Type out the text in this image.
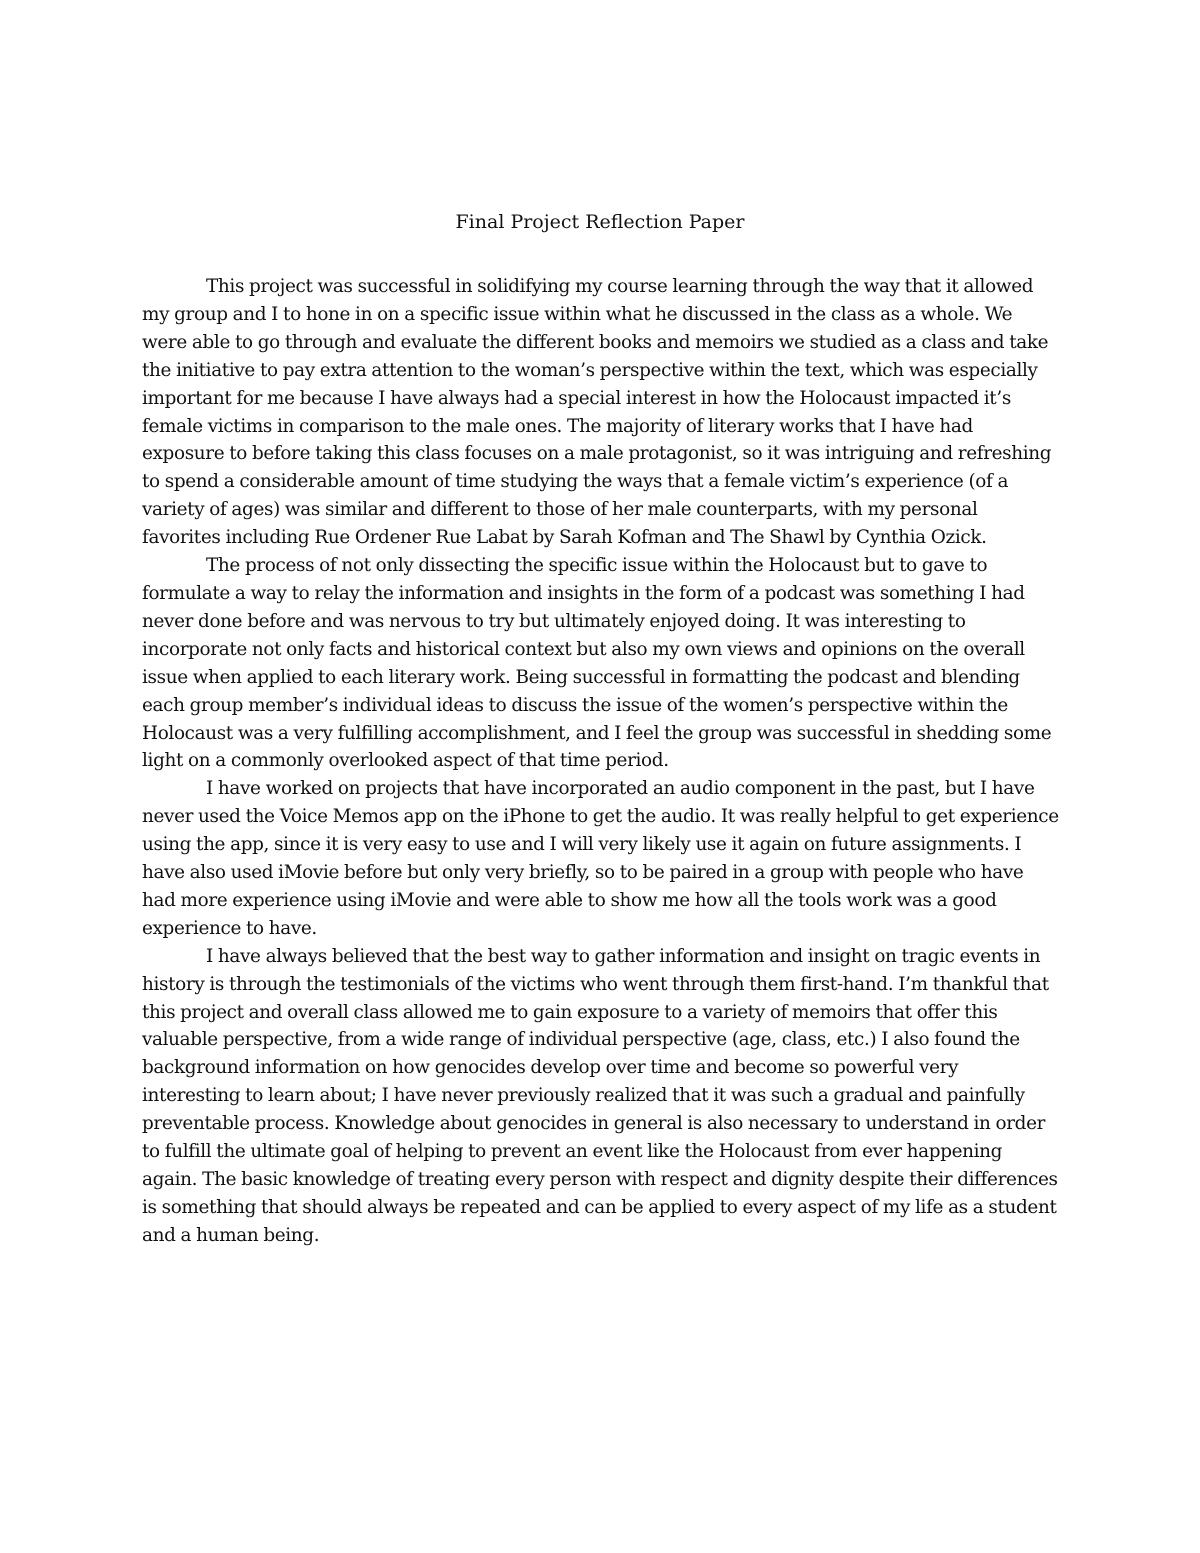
Final Project Reflection Paper

This project was successful in solidifying my course learning through the way that it allowed my group and I to hone in on a specific issue within what he discussed in the class as a whole. We were able to go through and evaluate the different books and memoirs we studied as a class and take the initiative to pay extra attention to the woman’s perspective within the text, which was especially important for me because I have always had a special interest in how the Holocaust impacted it’s female victims in comparison to the male ones. The majority of literary works that I have had exposure to before taking this class focuses on a male protagonist, so it was intriguing and refreshing to spend a considerable amount of time studying the ways that a female victim’s experience (of a variety of ages) was similar and different to those of her male counterparts, with my personal favorites including Rue Ordener Rue Labat by Sarah Kofman and The Shawl by Cynthia Ozick.

The process of not only dissecting the specific issue within the Holocaust but to gave to formulate a way to relay the information and insights in the form of a podcast was something I had never done before and was nervous to try but ultimately enjoyed doing. It was interesting to incorporate not only facts and historical context but also my own views and opinions on the overall issue when applied to each literary work. Being successful in formatting the podcast and blending each group member’s individual ideas to discuss the issue of the women’s perspective within the Holocaust was a very fulfilling accomplishment, and I feel the group was successful in shedding some light on a commonly overlooked aspect of that time period.

I have worked on projects that have incorporated an audio component in the past, but I have never used the Voice Memos app on the iPhone to get the audio. It was really helpful to get experience using the app, since it is very easy to use and I will very likely use it again on future assignments. I have also used iMovie before but only very briefly, so to be paired in a group with people who have had more experience using iMovie and were able to show me how all the tools work was a good experience to have.

I have always believed that the best way to gather information and insight on tragic events in history is through the testimonials of the victims who went through them first-hand. I’m thankful that this project and overall class allowed me to gain exposure to a variety of memoirs that offer this valuable perspective, from a wide range of individual perspective (age, class, etc.) I also found the background information on how genocides develop over time and become so powerful very interesting to learn about; I have never previously realized that it was such a gradual and painfully preventable process. Knowledge about genocides in general is also necessary to understand in order to fulfill the ultimate goal of helping to prevent an event like the Holocaust from ever happening again. The basic knowledge of treating every person with respect and dignity despite their differences is something that should always be repeated and can be applied to every aspect of my life as a student and a human being.
